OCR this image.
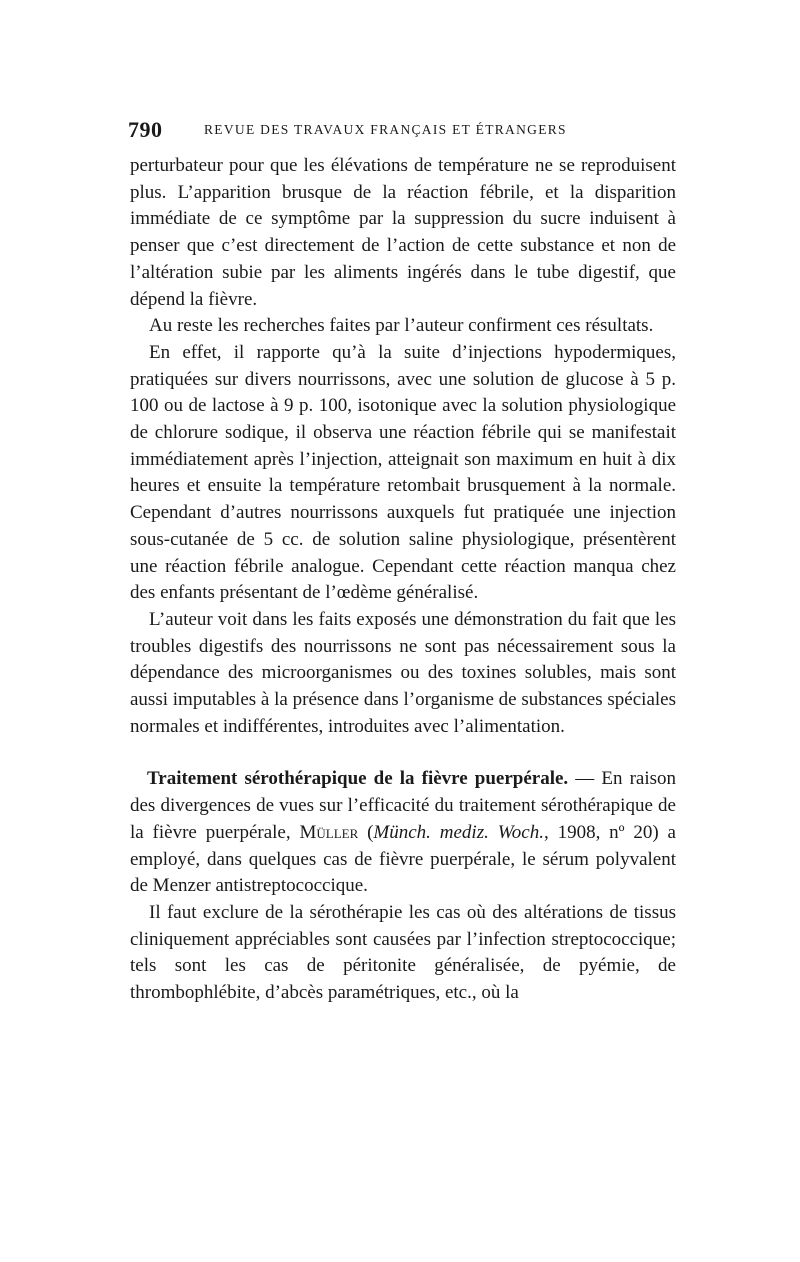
790	REVUE DES TRAVAUX FRANÇAIS ET ÉTRANGERS

perturbateur pour que les élévations de température ne se reproduisent plus. L’apparition brusque de la réaction fébrile, et la disparition immédiate de ce symptôme par la suppression du sucre induisent à penser que c’est directement de l’action de cette substance et non de l’altération subie par les aliments ingérés dans le tube digestif, que dépend la fièvre.

Au reste les recherches faites par l’auteur confirment ces résultats.

En effet, il rapporte qu’à la suite d’injections hypodermiques, pratiquées sur divers nourrissons, avec une solution de glucose à 5 p. 100 ou de lactose à 9 p. 100, isotonique avec la solution physiologique de chlorure sodique, il observa une réaction fébrile qui se manifestait immédiatement après l’injection, atteignait son maximum en huit à dix heures et ensuite la température retombait brusquement à la normale. Cependant d’autres nourrissons auxquels fut pratiquée une injection sous-cutanée de 5 cc. de solution saline physiologique, présentèrent une réaction fébrile analogue. Cependant cette réaction manqua chez des enfants présentant de l’œdème généralisé.

L’auteur voit dans les faits exposés une démonstration du fait que les troubles digestifs des nourrissons ne sont pas nécessairement sous la dépendance des microorganismes ou des toxines solubles, mais sont aussi imputables à la présence dans l’organisme de substances spéciales normales et indifférentes, introduites avec l’alimentation.

Traitement sérothérapique de la fièvre puerpérale. — En raison des divergences de vues sur l’efficacité du traitement sérothérapique de la fièvre puerpérale, Müller (Münch. mediz. Woch., 1908, nº 20) a employé, dans quelques cas de fièvre puerpérale, le sérum polyvalent de Menzer antistreptococcique.

Il faut exclure de la sérothérapie les cas où des altérations de tissus cliniquement appréciables sont causées par l’infection streptococcique; tels sont les cas de péritonite généralisée, de pyémie, de thrombophlébite, d’abcès paramétriques, etc., où la
